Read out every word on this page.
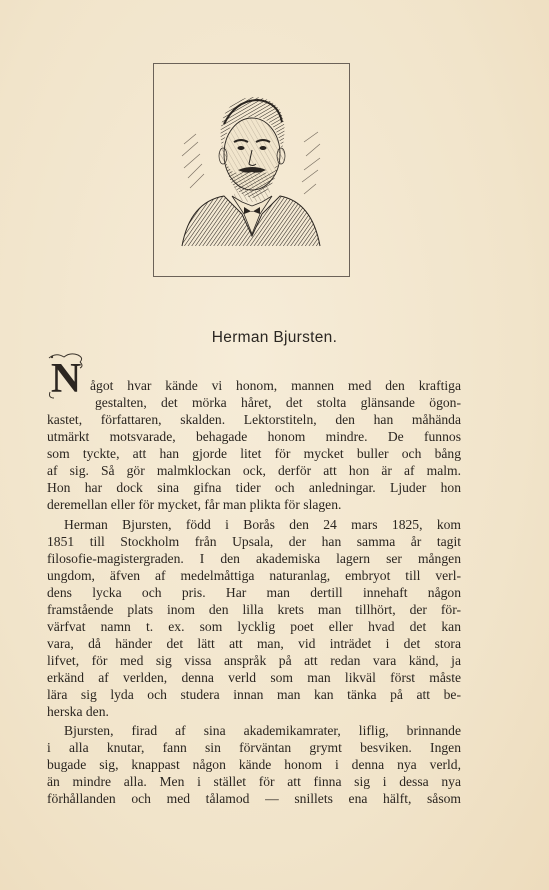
Herman Bjursten.
N ågot hvar kände vi honom, mannen med den kraftiga
gestalten, det mörka håret, det stolta glänsande ögon-
kastet, författaren, skalden. Lektorstiteln, den han måhända
utmärkt motsvarade, behagade honom mindre. De funnos
som tyckte, att han gjorde litet för mycket buller och bång
af sig. Så gör malmklockan ock, derför att hon är af malm.
Hon har dock sina gifna tider och anledningar. Ljuder hon
deremellan eller för mycket, får man plikta för slagen.
Herman Bjursten, född i Borås den 24 mars 1825, kom
1851 till Stockholm från Upsala, der han samma år tagit
filosofie-magistergraden. I den akademiska lagern ser mången
ungdom, äfven af medelmåttiga naturanlag, embryot till verl-
dens lycka och pris. Har man dertill innehaft någon
framstående plats inom den lilla krets man tillhört, der för-
värfvat namn t. ex. som lycklig poet eller hvad det kan
vara, då händer det lätt att man, vid inträdet i det stora
lifvet, för med sig vissa anspråk på att redan vara känd, ja
erkänd af verlden, denna verld som man likväl först måste
lära sig lyda och studera innan man kan tänka på att be-
herska den.
Bjursten, firad af sina akademikamrater, liflig, brinnande
i alla knutar, fann sin förväntan grymt besviken. Ingen
bugade sig, knappast någon kände honom i denna nya verld,
än mindre alla. Men i stället för att finna sig i dessa nya
förhållanden och med tålamod — snillets ena hälft, såsom
